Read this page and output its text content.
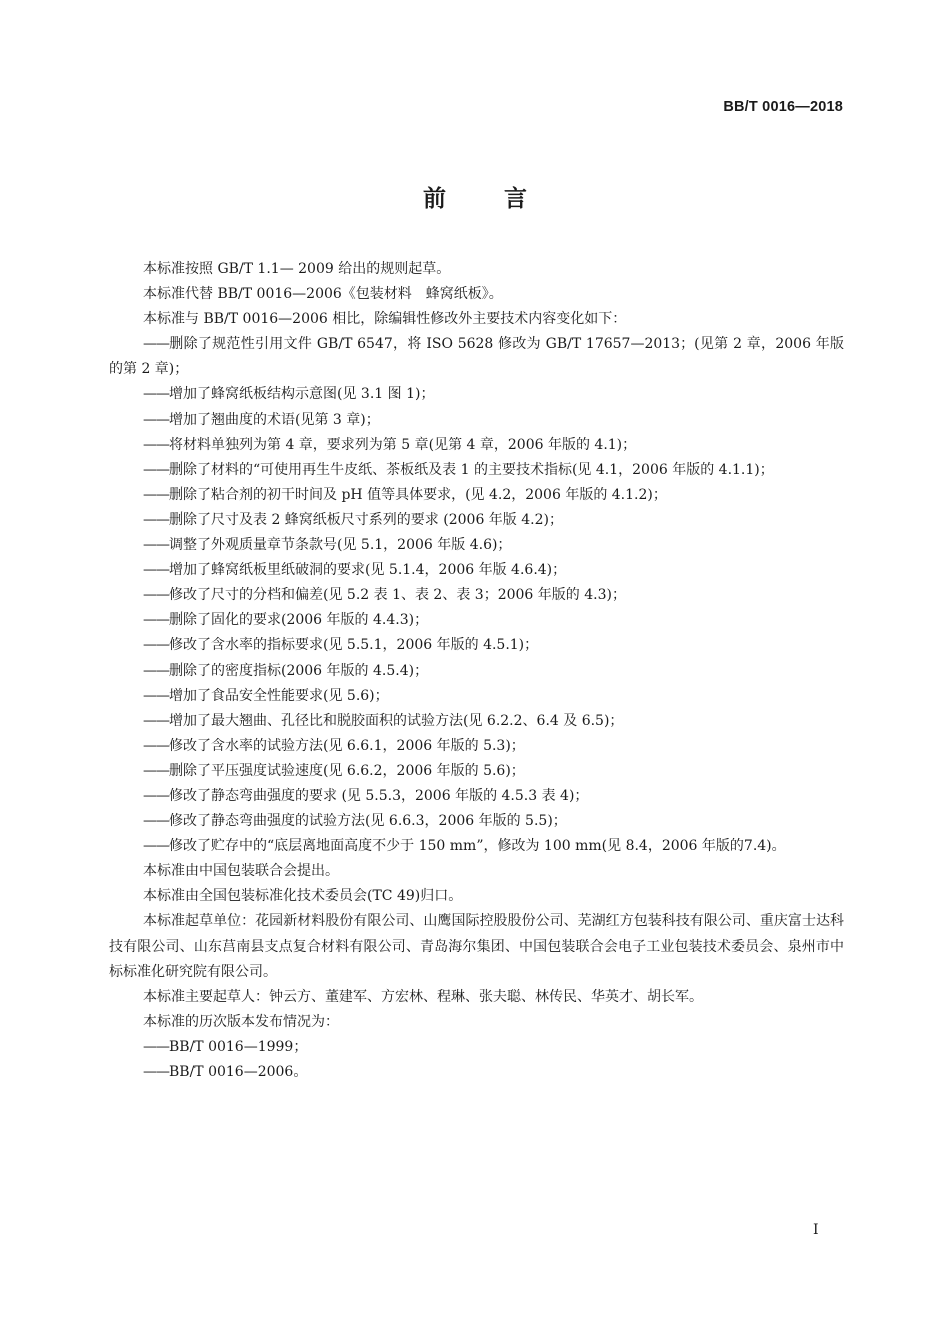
BB/T 0016—2018
前言

本标准按照 GB/T 1.1— 2009 给出的规则起草。

本标准代替 BB/T 0016—2006《包装材料　蜂窝纸板》。

本标准与 BB/T 0016—2006 相比，除编辑性修改外主要技术内容变化如下：

——删除了规范性引用文件 GB/T 6547，将 ISO 5628 修改为 GB/T 17657—2013；(见第 2 章，2006 年版的第 2 章)；

——增加了蜂窝纸板结构示意图(见 3.1 图 1)；

——增加了翘曲度的术语(见第 3 章)；

——将材料单独列为第 4 章，要求列为第 5 章(见第 4 章，2006 年版的 4.1)；

——删除了材料的“可使用再生牛皮纸、茶板纸及表 1 的主要技术指标(见 4.1，2006 年版的 4.1.1)；

——删除了粘合剂的初干时间及 pH 值等具体要求，(见 4.2，2006 年版的 4.1.2)；

——删除了尺寸及表 2 蜂窝纸板尺寸系列的要求 (2006 年版 4.2)；

——调整了外观质量章节条款号(见 5.1，2006 年版 4.6)；

——增加了蜂窝纸板里纸破洞的要求(见 5.1.4，2006 年版 4.6.4)；

——修改了尺寸的分档和偏差(见 5.2 表 1、表 2、表 3；2006 年版的 4.3)；

——删除了固化的要求(2006 年版的 4.4.3)；

——修改了含水率的指标要求(见 5.5.1，2006 年版的 4.5.1)；

——删除了的密度指标(2006 年版的 4.5.4)；

——增加了食品安全性能要求(见 5.6)；

——增加了最大翘曲、孔径比和脱胶面积的试验方法(见 6.2.2、6.4 及 6.5)；

——修改了含水率的试验方法(见 6.6.1，2006 年版的 5.3)；

——删除了平压强度试验速度(见 6.6.2，2006 年版的 5.6)；

——修改了静态弯曲强度的要求 (见 5.5.3，2006 年版的 4.5.3 表 4)；

——修改了静态弯曲强度的试验方法(见 6.6.3，2006 年版的 5.5)；

——修改了贮存中的“底层离地面高度不少于 150 mm”，修改为 100 mm(见 8.4，2006 年版的7.4)。

本标准由中国包装联合会提出。

本标准由全国包装标准化技术委员会(TC 49)归口。

本标准起草单位：花园新材料股份有限公司、山鹰国际控股股份公司、芜湖红方包装科技有限公司、重庆富士达科技有限公司、山东莒南县支点复合材料有限公司、青岛海尔集团、中国包装联合会电子工业包装技术委员会、泉州市中标标准化研究院有限公司。

本标准主要起草人：钟云方、董建军、方宏林、程琳、张夫聪、林传民、华英才、胡长军。

本标准的历次版本发布情况为：

——BB/T 0016—1999；

——BB/T 0016—2006。

I
